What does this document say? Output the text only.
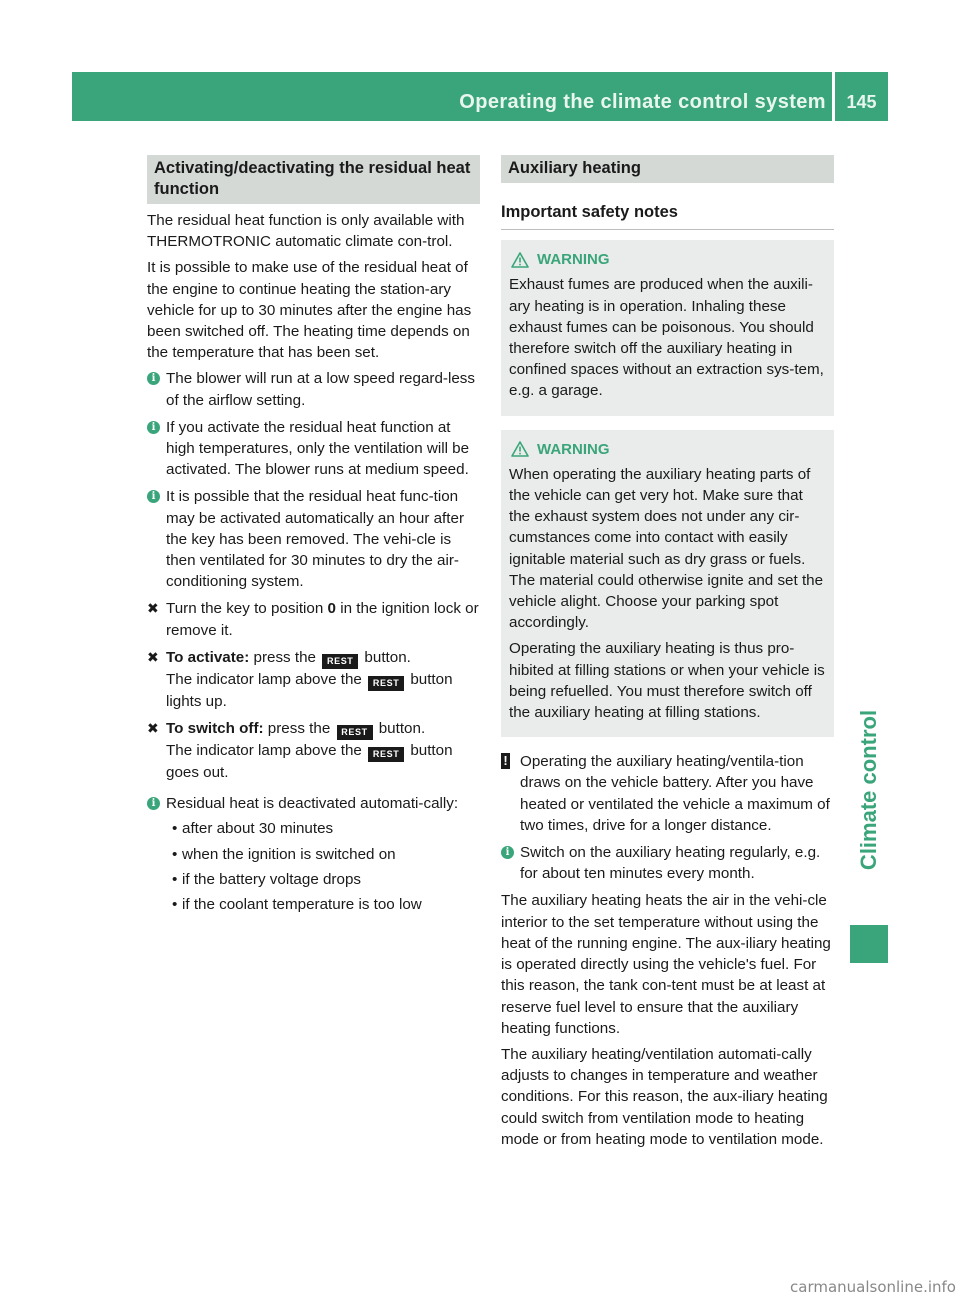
Operating the climate control system	145
Climate control
Activating/deactivating the residual heat function

The residual heat function is only available with THERMOTRONIC automatic climate con-trol.

It is possible to make use of the residual heat of the engine to continue heating the station-ary vehicle for up to 30 minutes after the engine has been switched off. The heating time depends on the temperature that has been set.

i The blower will run at a low speed regard-less of the airflow setting.
i If you activate the residual heat function at high temperatures, only the ventilation will be activated. The blower runs at medium speed.
i It is possible that the residual heat func-tion may be activated automatically an hour after the key has been removed. The vehi-cle is then ventilated for 30 minutes to dry the air-conditioning system.
✖ Turn the key to position 0 in the ignition lock or remove it.
✖ To activate: press the REST button.
The indicator lamp above the REST button lights up.
✖ To switch off: press the REST button.
The indicator lamp above the REST button goes out.
i Residual heat is deactivated automati-cally:
• after about 30 minutes
• when the ignition is switched on
• if the battery voltage drops
• if the coolant temperature is too low
Auxiliary heating
Important safety notes
WARNING

Exhaust fumes are produced when the auxili-ary heating is in operation. Inhaling these exhaust fumes can be poisonous. You should therefore switch off the auxiliary heating in confined spaces without an extraction sys-tem, e.g. a garage.

WARNING

When operating the auxiliary heating parts of the vehicle can get very hot. Make sure that the exhaust system does not under any cir-cumstances come into contact with easily ignitable material such as dry grass or fuels. The material could otherwise ignite and set the vehicle alight. Choose your parking spot accordingly.

Operating the auxiliary heating is thus pro-hibited at filling stations or when your vehicle is being refuelled. You must therefore switch off the auxiliary heating at filling stations.

! Operating the auxiliary heating/ventila-tion draws on the vehicle battery. After you have heated or ventilated the vehicle a maximum of two times, drive for a longer distance.
i Switch on the auxiliary heating regularly, e.g. for about ten minutes every month.

The auxiliary heating heats the air in the vehi-cle interior to the set temperature without using the heat of the running engine. The aux-iliary heating is operated directly using the vehicle's fuel. For this reason, the tank con-tent must be at least at reserve fuel level to ensure that the auxiliary heating functions.

The auxiliary heating/ventilation automati-cally adjusts to changes in temperature and weather conditions. For this reason, the aux-iliary heating could switch from ventilation mode to heating mode or from heating mode to ventilation mode.

carmanualsonline.info
